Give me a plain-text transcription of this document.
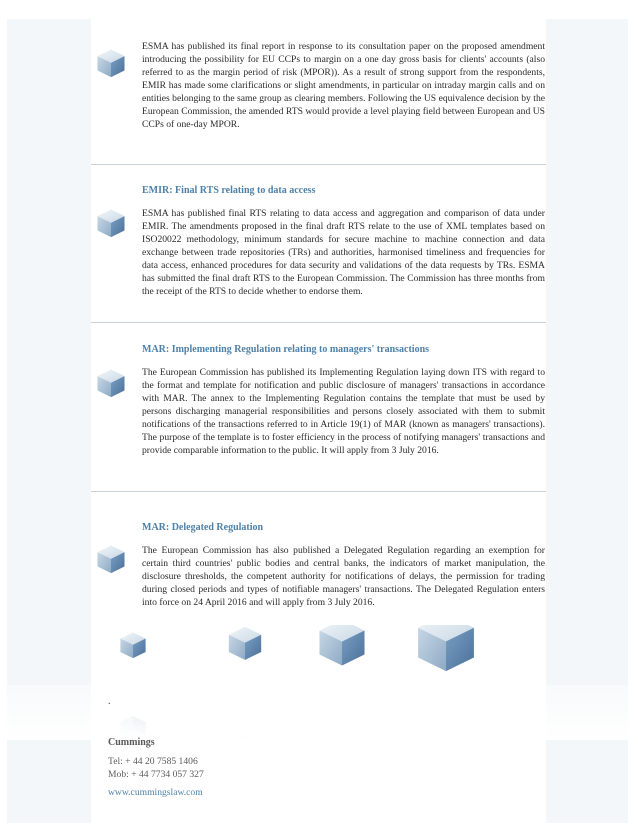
ESMA has published its final report in response to its consultation paper on the proposed amendment introducing the possibility for EU CCPs to margin on a one day gross basis for clients' accounts (also referred to as the margin period of risk (MPOR)). As a result of strong support from the respondents, EMIR has made some clarifications or slight amendments, in particular on intraday margin calls and on entities belonging to the same group as clearing members. Following the US equivalence decision by the European Commission, the amended RTS would provide a level playing field between European and US CCPs of one-day MPOR.

EMIR: Final RTS relating to data access

ESMA has published final RTS relating to data access and aggregation and comparison of data under EMIR. The amendments proposed in the final draft RTS relate to the use of XML templates based on ISO20022 methodology, minimum standards for secure machine to machine connection and data exchange between trade repositories (TRs) and authorities, harmonised timeliness and frequencies for data access, enhanced procedures for data security and validations of the data requests by TRs. ESMA has submitted the final draft RTS to the European Commission. The Commission has three months from the receipt of the RTS to decide whether to endorse them.

MAR: Implementing Regulation relating to managers' transactions

The European Commission has published its Implementing Regulation laying down ITS with regard to the format and template for notification and public disclosure of managers' transactions in accordance with MAR. The annex to the Implementing Regulation contains the template that must be used by persons discharging managerial responsibilities and persons closely associated with them to submit notifications of the transactions referred to in Article 19(1) of MAR (known as managers' transactions). The purpose of the template is to foster efficiency in the process of notifying managers' transactions and provide comparable information to the public. It will apply from 3 July 2016.

MAR: Delegated Regulation

The European Commission has also published a Delegated Regulation regarding an exemption for certain third countries' public bodies and central banks, the indicators of market manipulation, the disclosure thresholds, the competent authority for notifications of delays, the permission for trading during closed periods and types of notifiable managers' transactions. The Delegated Regulation enters into force on 24 April 2016 and will apply from 3 July 2016.

.
Cummings
Tel: + 44 20 7585 1406
Mob: + 44 7734 057 327
www.cummingslaw.com
